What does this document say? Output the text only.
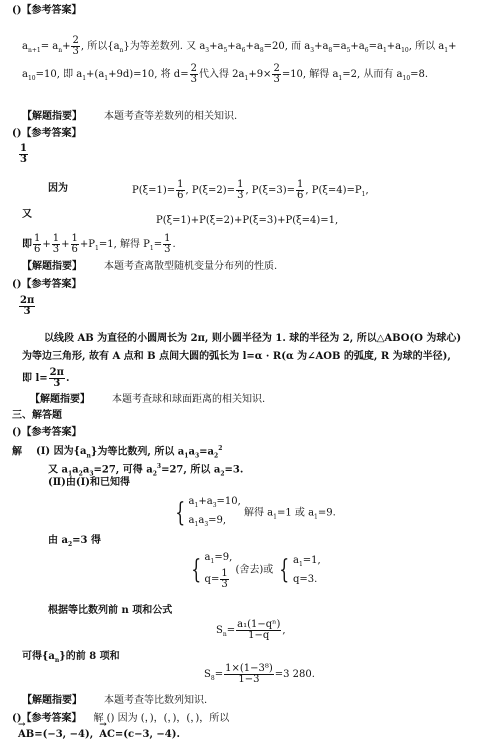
()【参考答案】
$a_{n+1}= a_n+ \frac{2}{3}$ , 所以$\{a_n\}$为等差数列. 又 $a_3+a_5+a_6+a_8=20$, 而 $a_3+a_8=a_5+a_6=a_1+a_{10}$, 所以 $a_1+$
$a_{10}=10$, 即 $a_1+(a_1+9d)=10$, 将 $d= \frac{2}{3}$ 代入得 $2a_1+9\times \frac{2}{3} =10$, 解得 $a_1=2$, 从而有 $a_{10}=8$.
【解题指要】 本题考查等差数列的相关知识.
()【参考答案】
$\frac{1}{3}$
因为	$P(\xi=1)= \frac{1}{6}$ , $P(\xi=2)= \frac{1}{3}$ , $P(\xi=3)= \frac{1}{6}$ , $P(\xi=4)=P_1$,
又
P(ξ=1)+P(ξ=2)+P(ξ=3)+P(ξ=4)=1,
即 $\frac{1}{6} + \frac{1}{3} + \frac{1}{6} +P_1=1$, 解得 $P_1= \frac{1}{3}$ .
【解题指要】 本题考查离散型随机变量分布列的性质.
()【参考答案】
$\frac{2\pi}{3}$
以线段 AB 为直径的小圆周长为 2π, 则小圆半径为 1. 球的半径为 2, 所以△ABO(O 为球心)
为等边三角形, 故有 A 点和 B 点间大圆的弧长为 l=α · R(α 为∠AOB 的弧度, R 为球的半径),
即 $l= \frac{2\pi}{3}$ .
【解题指要】 本题考查球和球面距离的相关知识.
三、解答题
()【参考答案】
解 (Ⅰ) 因为$\{a_n\}$为等比数列, 所以 $a_1a_3=a_2^2$
又 $a_1a_2a_3=27$, 可得 $a_2^3=27$, 所以 $a_2=3$.
(Ⅱ)由(Ⅰ)和已知得
{ $a_1+a_3=10$,
$a_1a_3=9$,
解得 $a_1=1$ 或 $a_1=9$.
由 $a_2=3$ 得
{ $a_1=9$,
$q= \frac{1}{3}$ (舍去)或 { $a_1=1$,
q=3.
根据等比数列前 n 项和公式
$S_n= \frac{\text{a₁(1−qⁿ)}}{1-q}$ ,
可得$\{a_n\}$的前 8 项和
$S_8= \frac{\text{1×(1−3⁸)}}{1-3} =3$ 280.
【解题指要】 本题考查等比数列知识.
()【参考答案】 解 () 因为 (，)，(，)，(，)，所以
→ AB=(−3, −4),→ AC=(c−3, −4).
